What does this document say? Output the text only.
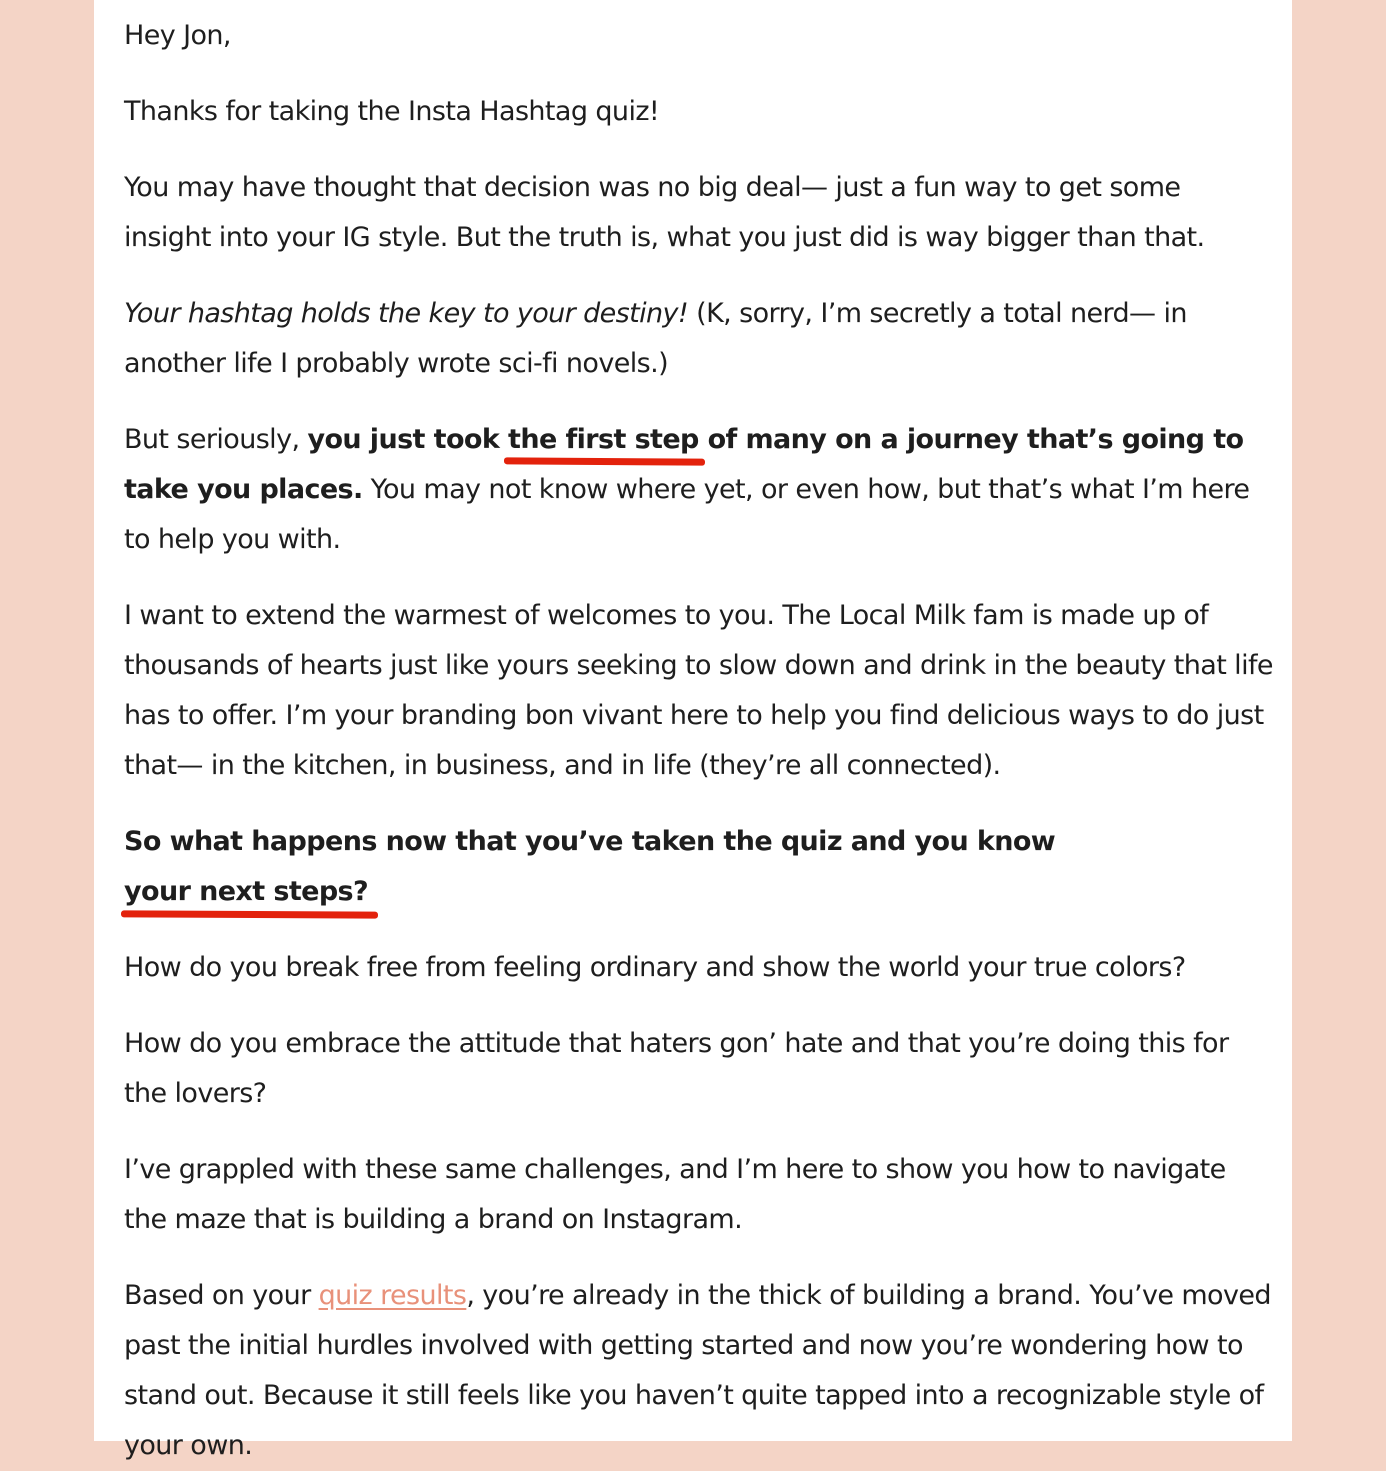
Hey Jon,

Thanks for taking the Insta Hashtag quiz!

You may have thought that decision was no big deal— just a fun way to get some insight into your IG style. But the truth is, what you just did is way bigger than that.

Your hashtag holds the key to your destiny! (K, sorry, I’m secretly a total nerd— in another life I probably wrote sci-fi novels.)

But seriously, you just took the first step of many on a journey that’s going to take you places. You may not know where yet, or even how, but that’s what I’m here to help you with.

I want to extend the warmest of welcomes to you. The Local Milk fam is made up of thousands of hearts just like yours seeking to slow down and drink in the beauty that life has to offer. I’m your branding bon vivant here to help you find delicious ways to do just that— in the kitchen, in business, and in life (they’re all connected).

So what happens now that you’ve taken the quiz and you know your next steps?

How do you break free from feeling ordinary and show the world your true colors?

How do you embrace the attitude that haters gon’ hate and that you’re doing this for the lovers?

I’ve grappled with these same challenges, and I’m here to show you how to navigate the maze that is building a brand on Instagram.

Based on your quiz results, you’re already in the thick of building a brand. You’ve moved past the initial hurdles involved with getting started and now you’re wondering how to stand out. Because it still feels like you haven’t quite tapped into a recognizable style of your own.
